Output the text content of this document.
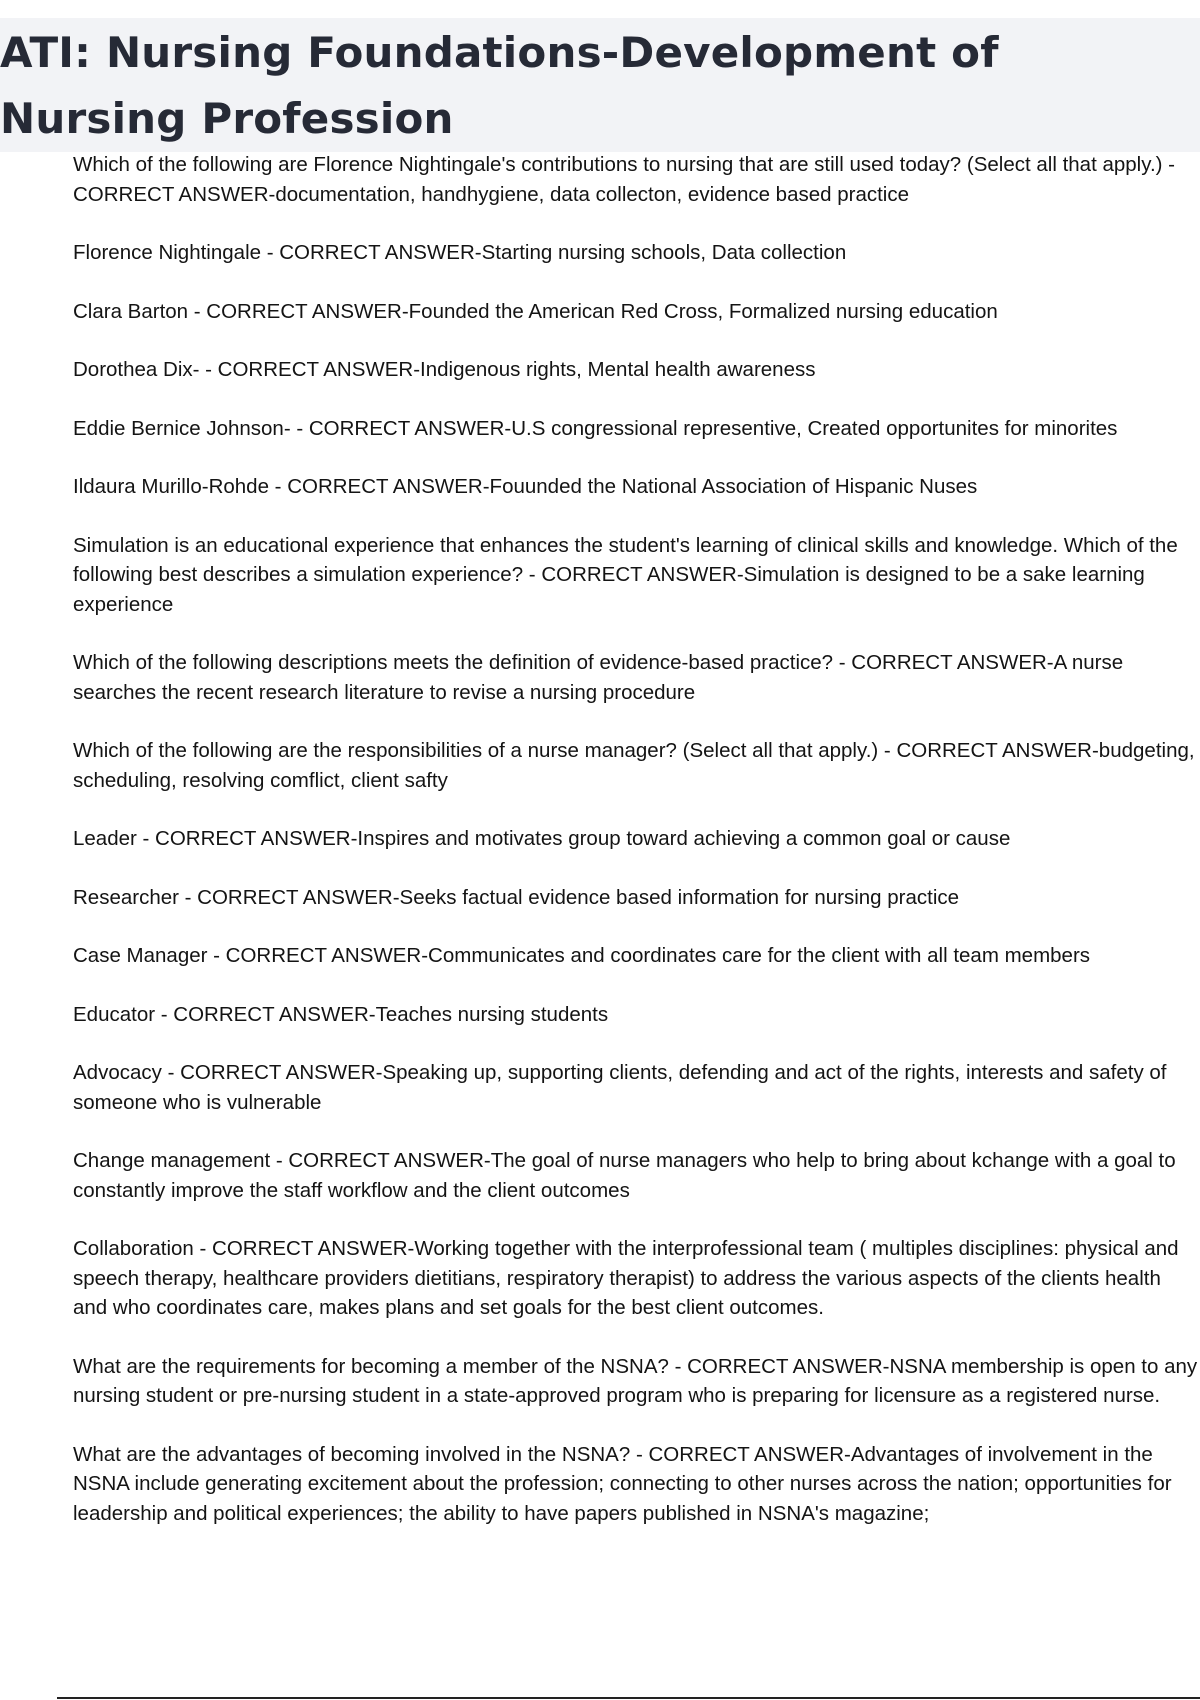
ATI: Nursing Foundations-Development of Nursing Profession

Which of the following are Florence Nightingale's contributions to nursing that are still used today? (Select all that apply.) - CORRECT ANSWER-documentation, handhygiene, data collecton, evidence based practice

Florence Nightingale - CORRECT ANSWER-Starting nursing schools, Data collection

Clara Barton - CORRECT ANSWER-Founded the American Red Cross, Formalized nursing education

Dorothea Dix- - CORRECT ANSWER-Indigenous rights, Mental health awareness

Eddie Bernice Johnson- - CORRECT ANSWER-U.S congressional representive, Created opportunites for minorites

Ildaura Murillo-Rohde - CORRECT ANSWER-Fouunded the National Association of Hispanic Nuses

Simulation is an educational experience that enhances the student's learning of clinical skills and knowledge. Which of the following best describes a simulation experience? - CORRECT ANSWER-Simulation is designed to be a sake learning experience

Which of the following descriptions meets the definition of evidence-based practice? - CORRECT ANSWER-A nurse searches the recent research literature to revise a nursing procedure

Which of the following are the responsibilities of a nurse manager? (Select all that apply.) - CORRECT ANSWER-budgeting, scheduling, resolving comflict, client safty

Leader - CORRECT ANSWER-Inspires and motivates group toward achieving a common goal or cause

Researcher - CORRECT ANSWER-Seeks factual evidence based information for nursing practice

Case Manager - CORRECT ANSWER-Communicates and coordinates care for the client with all team members

Educator - CORRECT ANSWER-Teaches nursing students

Advocacy - CORRECT ANSWER-Speaking up, supporting clients, defending and act of the rights, interests and safety of someone who is vulnerable

Change management - CORRECT ANSWER-The goal of nurse managers who help to bring about kchange with a goal to constantly improve the staff workflow and the client outcomes

Collaboration - CORRECT ANSWER-Working together with the interprofessional team ( multiples disciplines: physical and speech therapy, healthcare providers dietitians, respiratory therapist) to address the various aspects of the clients health and who coordinates care, makes plans and set goals for the best client outcomes.

What are the requirements for becoming a member of the NSNA? - CORRECT ANSWER-NSNA membership is open to any nursing student or pre-nursing student in a state-approved program who is preparing for licensure as a registered nurse.

What are the advantages of becoming involved in the NSNA? - CORRECT ANSWER-Advantages of involvement in the NSNA include generating excitement about the profession; connecting to other nurses across the nation; opportunities for leadership and political experiences; the ability to have papers published in NSNA's magazine;
